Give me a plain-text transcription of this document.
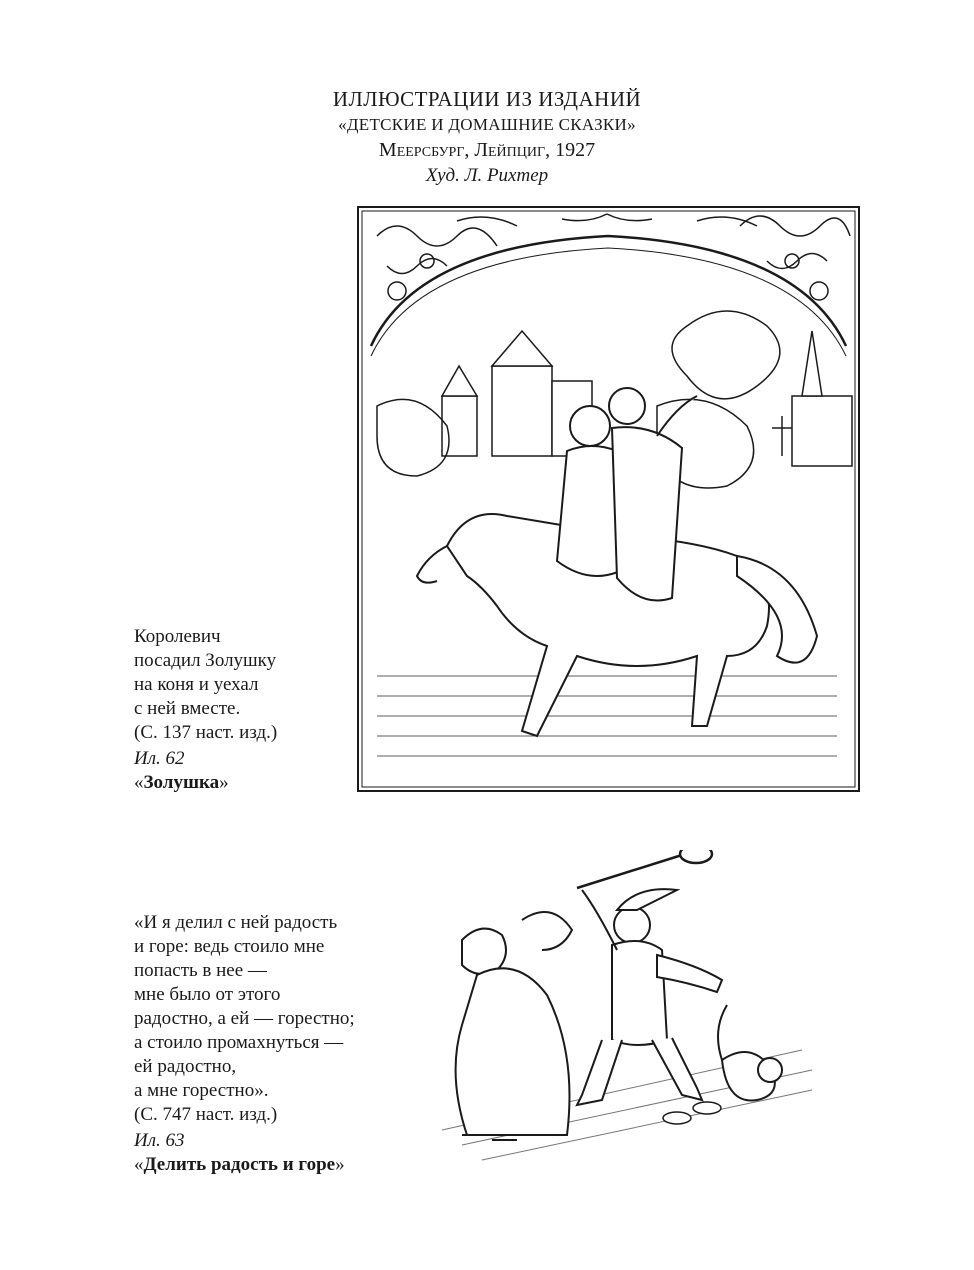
ИЛЛЮСТРАЦИИ ИЗ ИЗДАНИЙ
«ДЕТСКИЕ И ДОМАШНИЕ СКАЗКИ»
Меерсбург, Лейпциг, 1927
Худ. Л. Рихтер
Королевич
посадил Золушку
на коня и уехал
с ней вместе.
(С. 137 наст. изд.)
Ил. 62
«Золушка»
«И я делил с ней радость
и горе: ведь стоило мне
попасть в нее —
мне было от этого
радостно, а ей — горестно;
а стоило промахнуться —
ей радостно,
а мне горестно».
(С. 747 наст. изд.)
Ил. 63
«Делить радость и горе»
